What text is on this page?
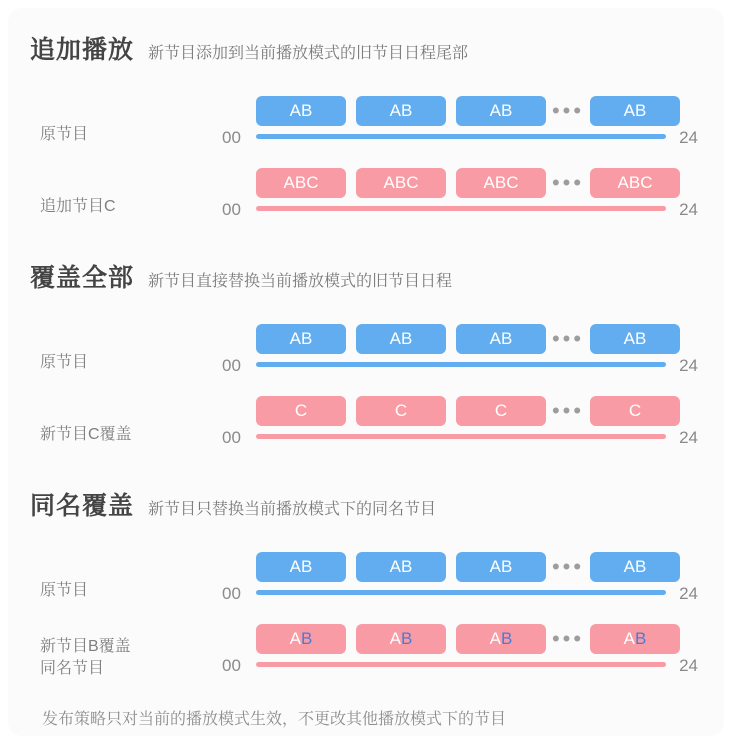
追加播放 新节目添加到当前播放模式的旧节目日程尾部
原节目	00	24
AB	AB	AB	•••	AB
追加节目C	00	24
ABC	ABC	ABC	•••	ABC
覆盖全部 新节目直接替换当前播放模式的旧节目日程
原节目	00	24
AB	AB	AB	•••	AB
新节目C覆盖	00	24
C	C	C	•••	C
同名覆盖 新节目只替换当前播放模式下的同名节目
原节目	00	24
AB	AB	AB	•••	AB
新节目B覆盖
同名节目	00	24
A B	A B	A B •••	A B
发布策略只对当前的播放模式生效，不更改其他播放模式下的节目
